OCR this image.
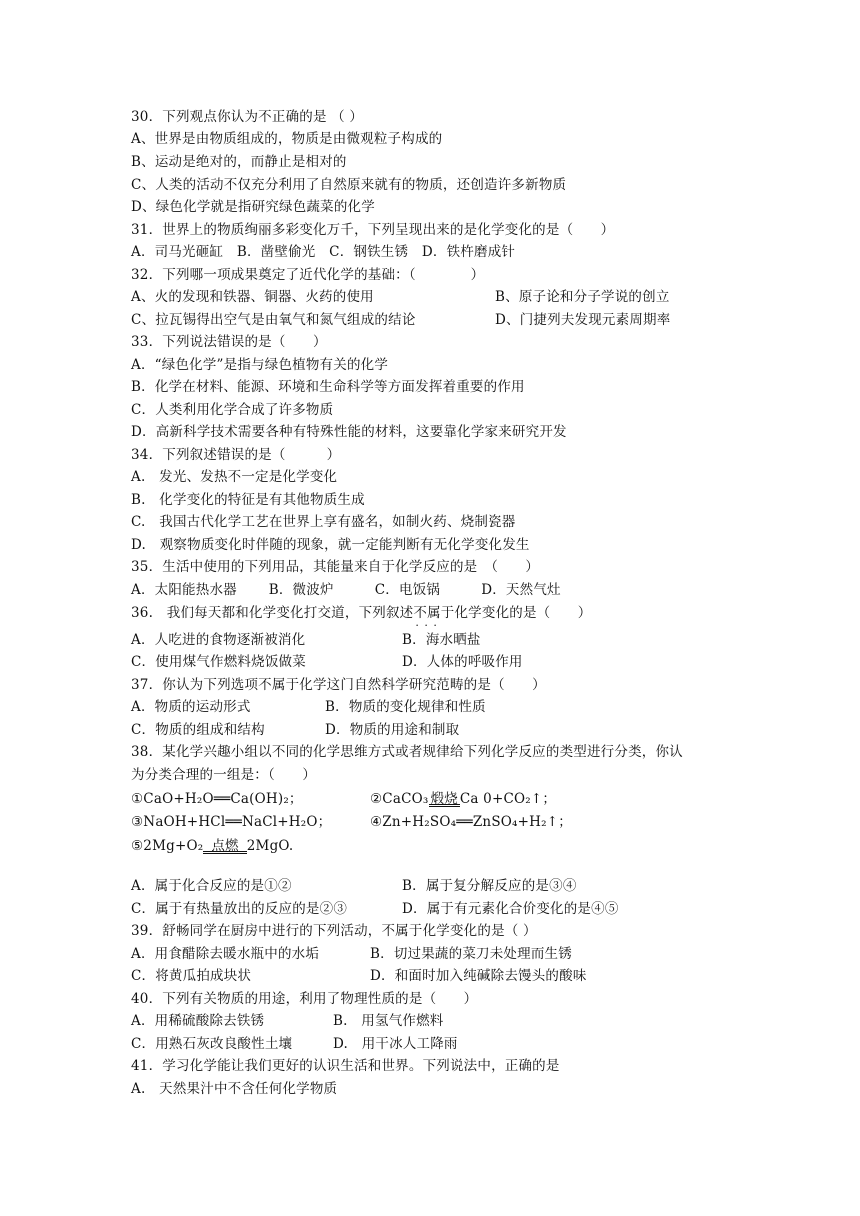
30．下列观点你认为不正确的是 （ ）
A、世界是由物质组成的，物质是由微观粒子构成的
B、运动是绝对的，而静止是相对的
C、人类的活动不仅充分利用了自然原来就有的物质，还创造许多新物质
D、绿色化学就是指研究绿色蔬菜的化学
31．世界上的物质绚丽多彩变化万千，下列呈现出来的是化学变化的是（　　）
A．司马光砸缸　B．凿壁偷光　C．钢铁生锈　D．铁杵磨成针
32．下列哪一项成果奠定了近代化学的基础：（　　　　）
A、火的发现和铁器、铜器、火药的使用	B、原子论和分子学说的创立
C、拉瓦锡得出空气是由氧气和氮气组成的结论	D、门捷列夫发现元素周期率
33．下列说法错误的是（　　）
A．“绿色化学”是指与绿色植物有关的化学
B．化学在材料、能源、环境和生命科学等方面发挥着重要的作用
C．人类利用化学合成了许多物质
D．高新科学技术需要各种有特殊性能的材料，这要靠化学家来研究开发
34．下列叙述错误的是（　　　）
A.　发光、发热不一定是化学变化
B.　化学变化的特征是有其他物质生成
C.　我国古代化学工艺在世界上享有盛名，如制火药、烧制瓷器
D.　观察物质变化时伴随的现象，就一定能判断有无化学变化发生
35．生活中使用的下列用品，其能量来自于化学反应的是　（　　）
A．太阳能热水器　　 B．微波炉　　　C．电饭锅　　　D．天然气灶
36.　我们每天都和化学变化打交道，下列叙述不属于 · · ·化学变化的是（　　）
A．人吃进的食物逐渐被消化	B．海水晒盐
C．使用煤气作燃料烧饭做菜	D．人体的呼吸作用
37．你认为下列选项不属于化学这门自然科学研究范畴的是（　　）
A．物质的运动形式	B．物质的变化规律和性质
C．物质的组成和结构	D．物质的用途和制取
38．某化学兴趣小组以不同的化学思维方式或者规律给下列化学反应的类型进行分类，你认
为分类合理的一组是：（　　）
①CaO+H₂O══Ca(OH)₂；	②CaCO₃ 煅烧 Ca 0+CO₂↑；
③NaOH+HCl══NaCl+H₂O；	④Zn+H₂SO₄══ZnSO₄+H₂↑；
⑤2Mg+O₂ 点燃 2MgO.
A．属于化合反应的是①②	B．属于复分解反应的是③④
C．属于有热量放出的反应的是②③	D．属于有元素化合价变化的是④⑤
39．舒畅同学在厨房中进行的下列活动，不属于化学变化的是（ ）
A．用食醋除去暖水瓶中的水垢	B．切过果蔬的菜刀未处理而生锈
C．将黄瓜拍成块状	D．和面时加入纯碱除去馒头的酸味
40．下列有关物质的用途，利用了物理性质的是（　　）
A．用稀硫酸除去铁锈	B.　用氢气作燃料
C．用熟石灰改良酸性土壤	D.　用干冰人工降雨
41．学习化学能让我们更好的认识生活和世界。下列说法中，正确的是
A.　天然果汁中不含任何化学物质
